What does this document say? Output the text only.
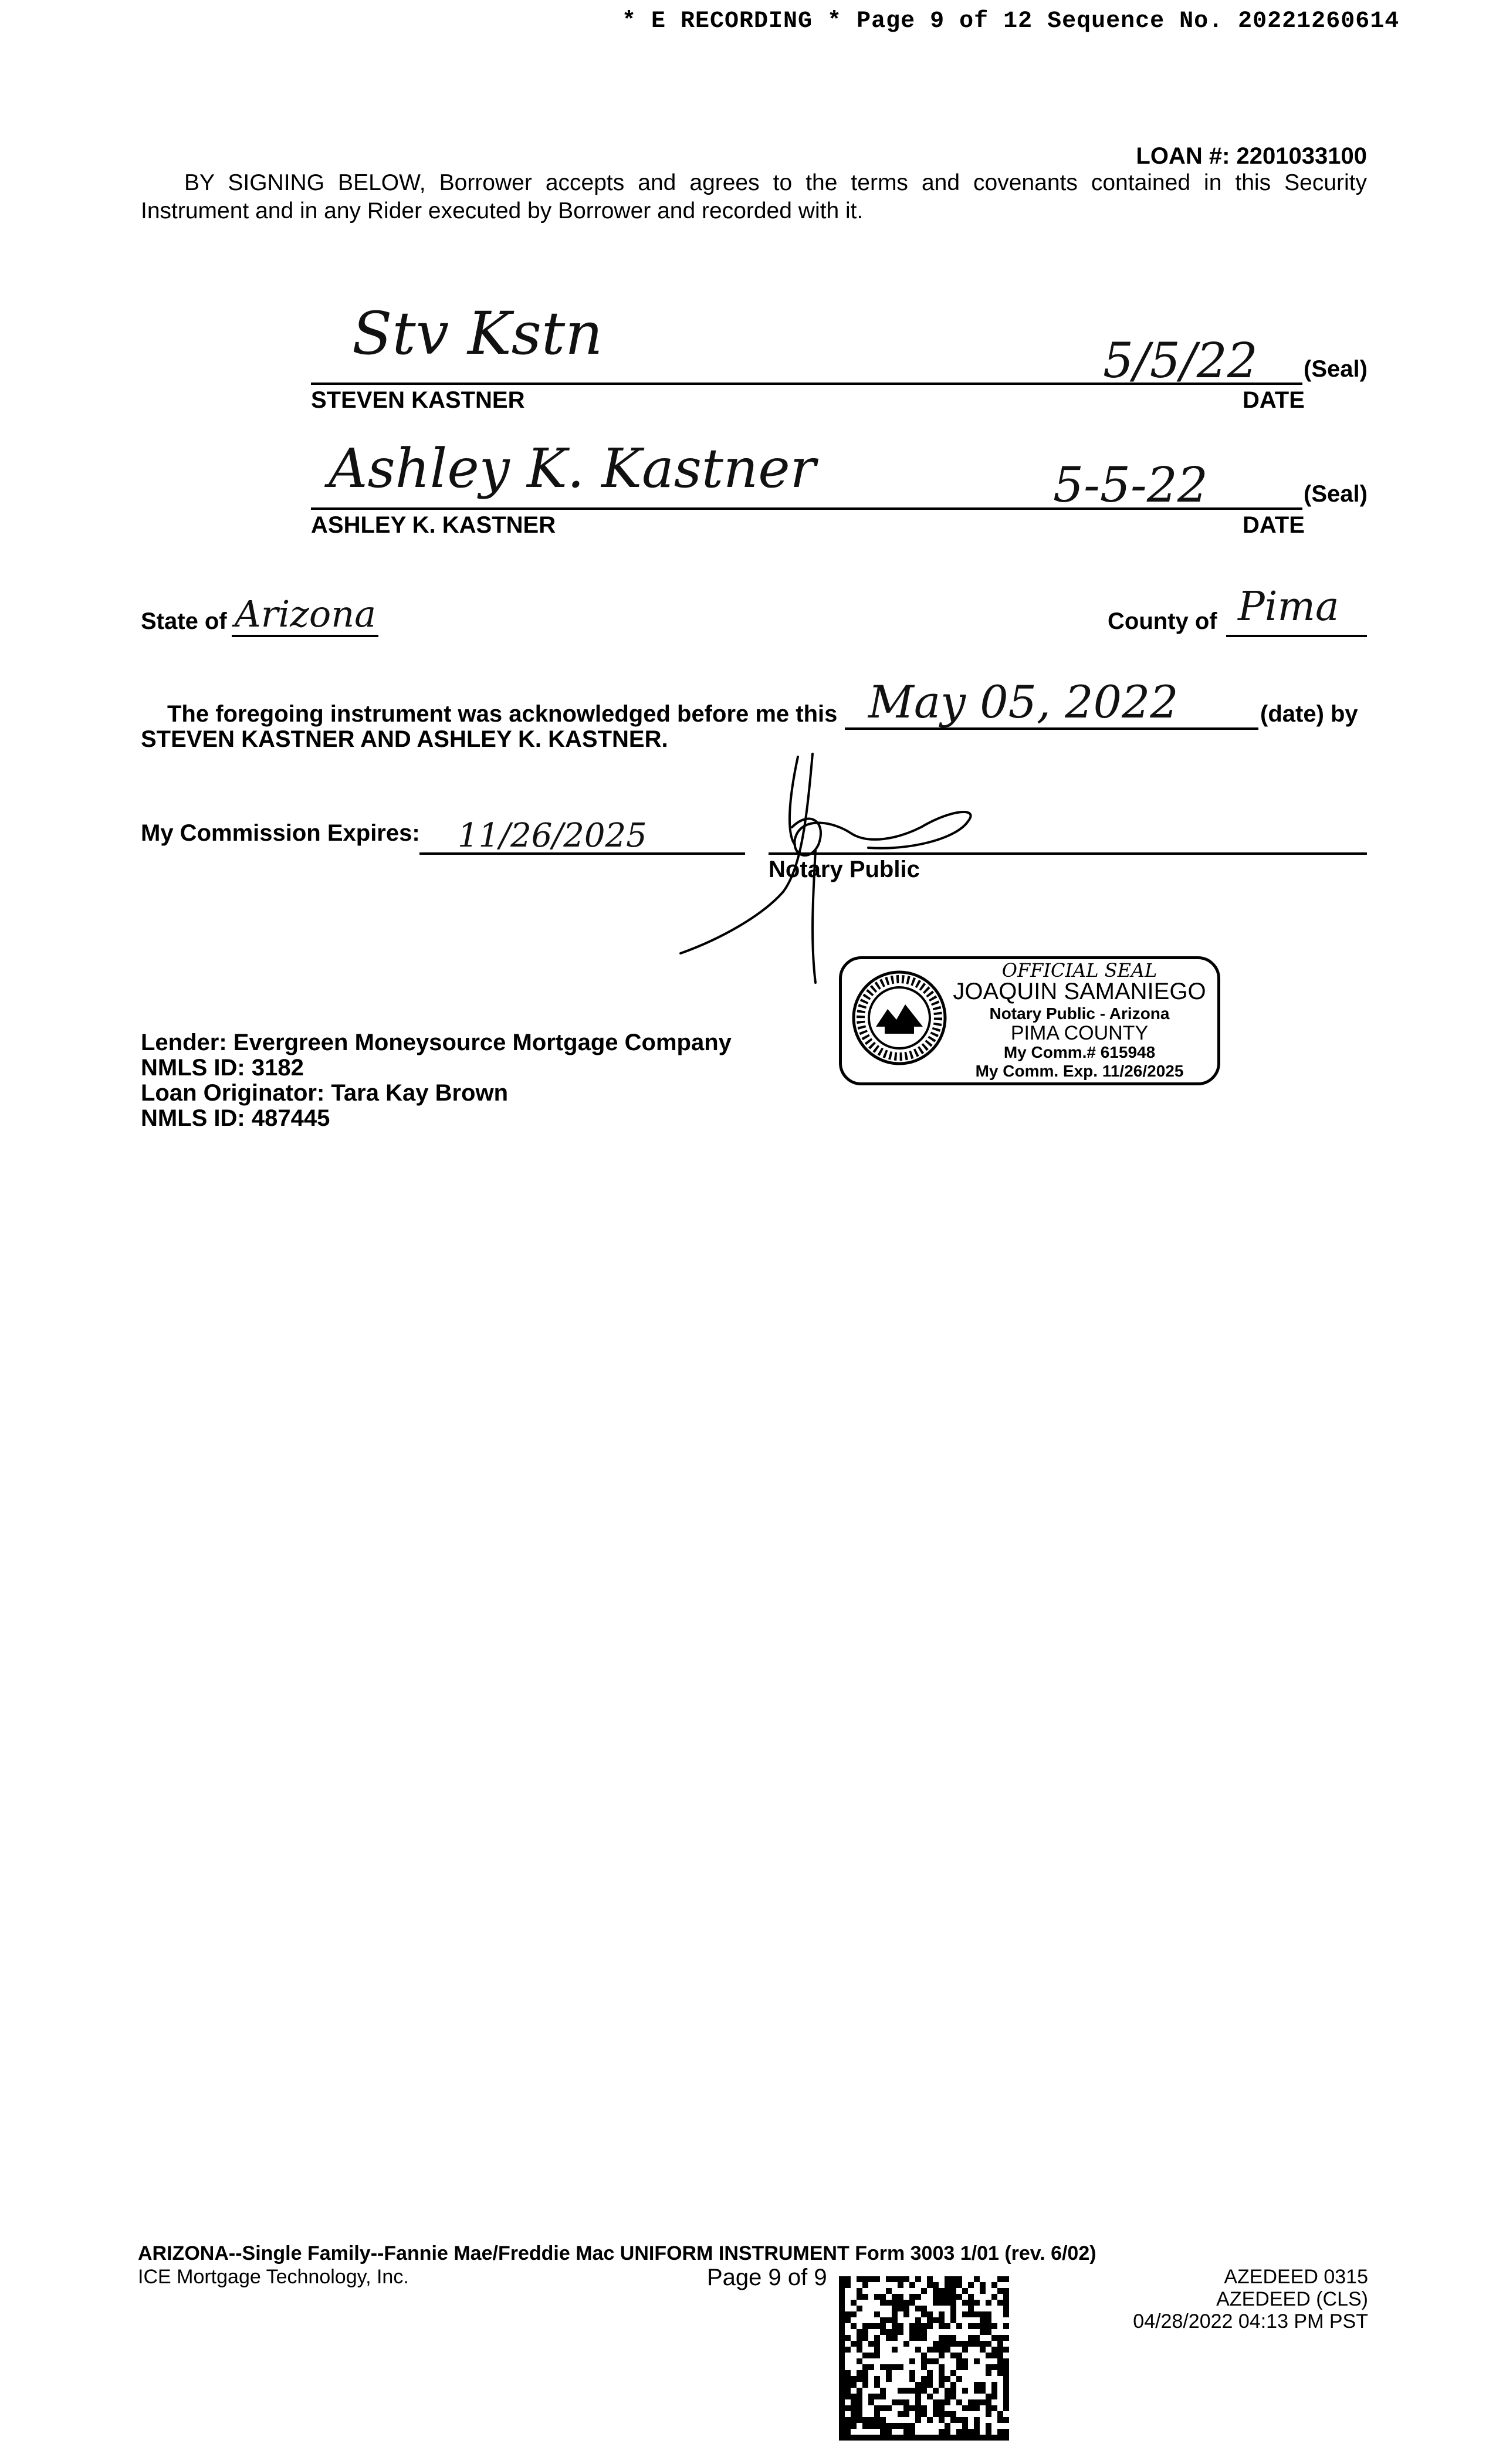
* E RECORDING * Page 9 of 12 Sequence No. 20221260614
LOAN #: 2201033100
BY SIGNING BELOW, Borrower accepts and agrees to the terms and covenants contained in this Security Instrument and in any Rider executed by Borrower and recorded with it.
Stv Kstn	5/5/22 (Seal)
STEVEN KASTNER	DATE
Ashley K. Kastner	5-5-22	(Seal)
ASHLEY K. KASTNER	DATE
State of Arizona	County of Pima
The foregoing instrument was acknowledged before me this May 05, 2022	(date) by
STEVEN KASTNER AND ASHLEY K. KASTNER.
My Commission Expires: 11/26/2025
Notary Public
OFFICIAL SEAL
JOAQUIN SAMANIEGO
Notary Public - Arizona
PIMA COUNTY
My Comm.# 615948
My Comm. Exp. 11/26/2025
Lender: Evergreen Moneysource Mortgage Company
NMLS ID: 3182
Loan Originator: Tara Kay Brown
NMLS ID: 487445
ARIZONA--Single Family--Fannie Mae/Freddie Mac UNIFORM INSTRUMENT Form 3003 1/01 (rev. 6/02)
ICE Mortgage Technology, Inc.	Page 9 of 9	AZEDEED 0315
AZEDEED (CLS)
04/28/2022 04:13 PM PST
